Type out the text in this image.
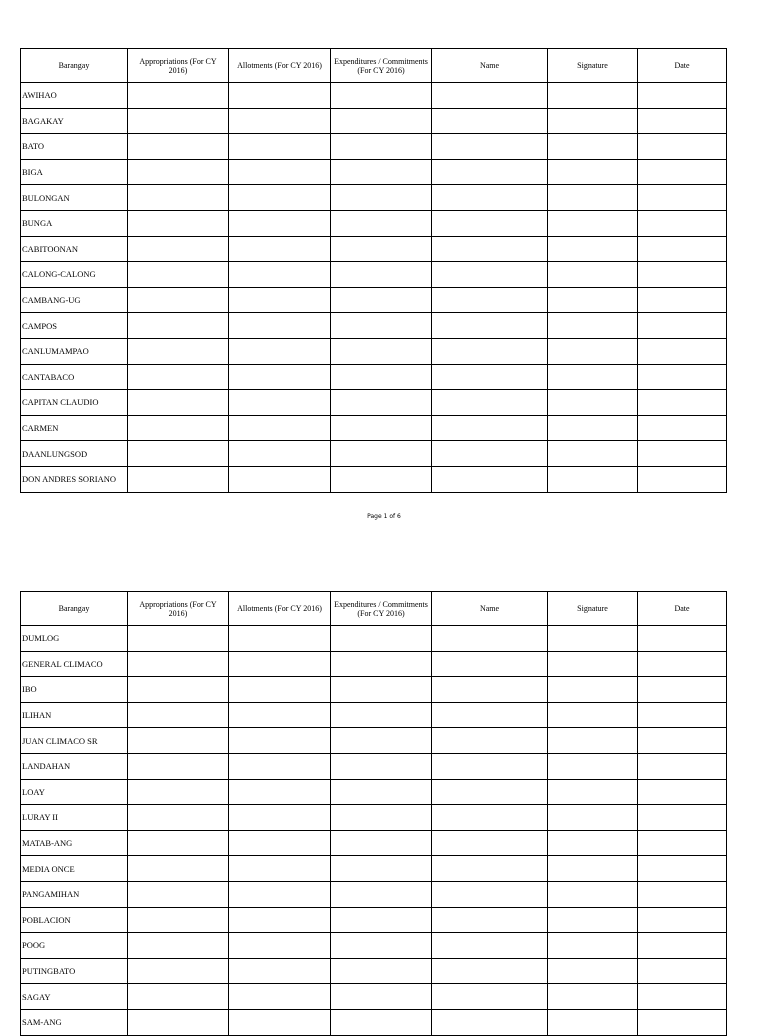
Barangay	Appropriations (For CY 2016)	Allotments (For CY 2016)	Expenditures / Commitments (For CY 2016)	Name	Signature	Date
AWIHAO						
BAGAKAY						
BATO						
BIGA						
BULONGAN						
BUNGA						
CABITOONAN						
CALONG-CALONG						
CAMBANG-UG						
CAMPOS						
CANLUMAMPAO						
CANTABACO						
CAPITAN CLAUDIO						
CARMEN						
DAANLUNGSOD						
DON ANDRES SORIANO						
Page 1 of 6
Barangay	Appropriations (For CY 2016)	Allotments (For CY 2016)	Expenditures / Commitments (For CY 2016)	Name	Signature	Date
DUMLOG						
GENERAL CLIMACO						
IBO						
ILIHAN						
JUAN CLIMACO SR						
LANDAHAN						
LOAY						
LURAY II						
MATAB-ANG						
MEDIA ONCE						
PANGAMIHAN						
POBLACION						
POOG						
PUTINGBATO						
SAGAY						
SAM-ANG						
